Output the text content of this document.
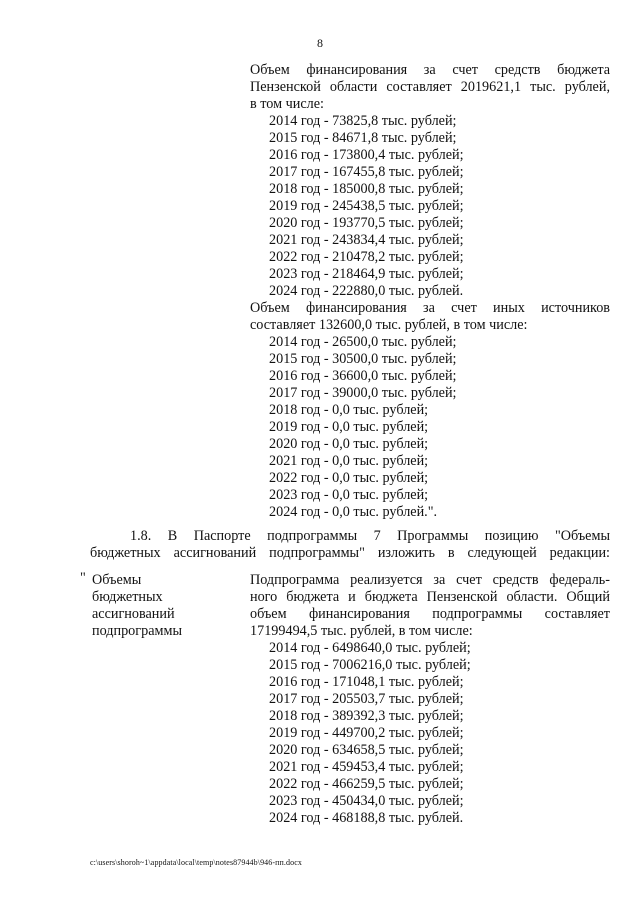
8
Объем финансирования за счет средств бюджета
Пензенской области составляет 2019621,1 тыс. рублей,
в том числе:
2014 год - 73825,8 тыс. рублей;
2015 год - 84671,8 тыс. рублей;
2016 год - 173800,4 тыс. рублей;
2017 год - 167455,8 тыс. рублей;
2018 год - 185000,8 тыс. рублей;
2019 год - 245438,5 тыс. рублей;
2020 год - 193770,5 тыс. рублей;
2021 год - 243834,4 тыс. рублей;
2022 год - 210478,2 тыс. рублей;
2023 год - 218464,9 тыс. рублей;
2024 год - 222880,0 тыс. рублей.
Объем финансирования за счет иных источников
составляет 132600,0 тыс. рублей, в том числе:
2014 год - 26500,0 тыс. рублей;
2015 год - 30500,0 тыс. рублей;
2016 год - 36600,0 тыс. рублей;
2017 год - 39000,0 тыс. рублей;
2018 год - 0,0 тыс. рублей;
2019 год - 0,0 тыс. рублей;
2020 год - 0,0 тыс. рублей;
2021 год - 0,0 тыс. рублей;
2022 год - 0,0 тыс. рублей;
2023 год - 0,0 тыс. рублей;
2024 год - 0,0 тыс. рублей.".
1.8. В Паспорте подпрограммы 7 Программы позицию "Объемы
бюджетных ассигнований подпрограммы" изложить в следующей редакции:
" Объемы
бюджетных
ассигнований
подпрограммы
Подпрограмма реализуется за счет средств федераль-
ного бюджета и бюджета Пензенской области. Общий
объем финансирования подпрограммы составляет
17199494,5 тыс. рублей, в том числе:
2014 год - 6498640,0 тыс. рублей;
2015 год - 7006216,0 тыс. рублей;
2016 год - 171048,1 тыс. рублей;
2017 год - 205503,7 тыс. рублей;
2018 год - 389392,3 тыс. рублей;
2019 год - 449700,2 тыс. рублей;
2020 год - 634658,5 тыс. рублей;
2021 год - 459453,4 тыс. рублей;
2022 год - 466259,5 тыс. рублей;
2023 год - 450434,0 тыс. рублей;
2024 год - 468188,8 тыс. рублей.
c:\users\shoroh~1\appdata\local\temp\notes87944b\946-пп.docx
